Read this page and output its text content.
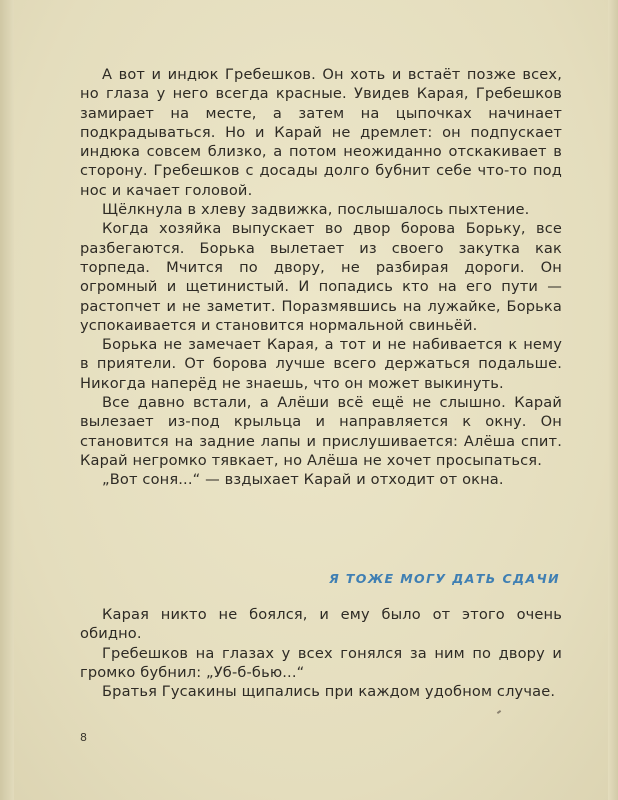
А вот и индюк Гребешков. Он хоть и встаёт позже всех, но глаза у него всегда красные. Увидев Карая, Гребешков замирает на месте, а затем на цыпочках начинает подкрадываться. Но и Карай не дремлет: он подпускает индюка совсем близко, а потом неожиданно отскакивает в сторону. Гребешков с досады долго бубнит себе что-то под нос и качает головой.

Щёлкнула в хлеву задвижка, послышалось пыхтение.

Когда хозяйка выпускает во двор борова Борьку, все разбегаются. Борька вылетает из своего закутка как торпеда. Мчится по двору, не разбирая дороги. Он огромный и щетинистый. И попадись кто на его пути — растопчет и не заметит. Поразмявшись на лужайке, Борька успокаивается и становится нормальной свиньёй.

Борька не замечает Карая, а тот и не набивается к нему в приятели. От борова лучше всего держаться подальше. Никогда наперёд не знаешь, что он может выкинуть.

Все давно встали, а Алёши всё ещё не слышно. Карай вылезает из-под крыльца и направляется к окну. Он становится на задние лапы и прислушивается: Алёша спит. Карай негромко тявкает, но Алёша не хочет просыпаться.

„Вот соня...“ — вздыхает Карай и отходит от окна.

Я ТОЖЕ МОГУ ДАТЬ СДАЧИ

Карая никто не боялся, и ему было от этого очень обидно.

Гребешков на глазах у всех гонялся за ним по двору и громко бубнил: „Уб-б-бью...“

Братья Гусакины щипались при каждом удобном случае.

8
